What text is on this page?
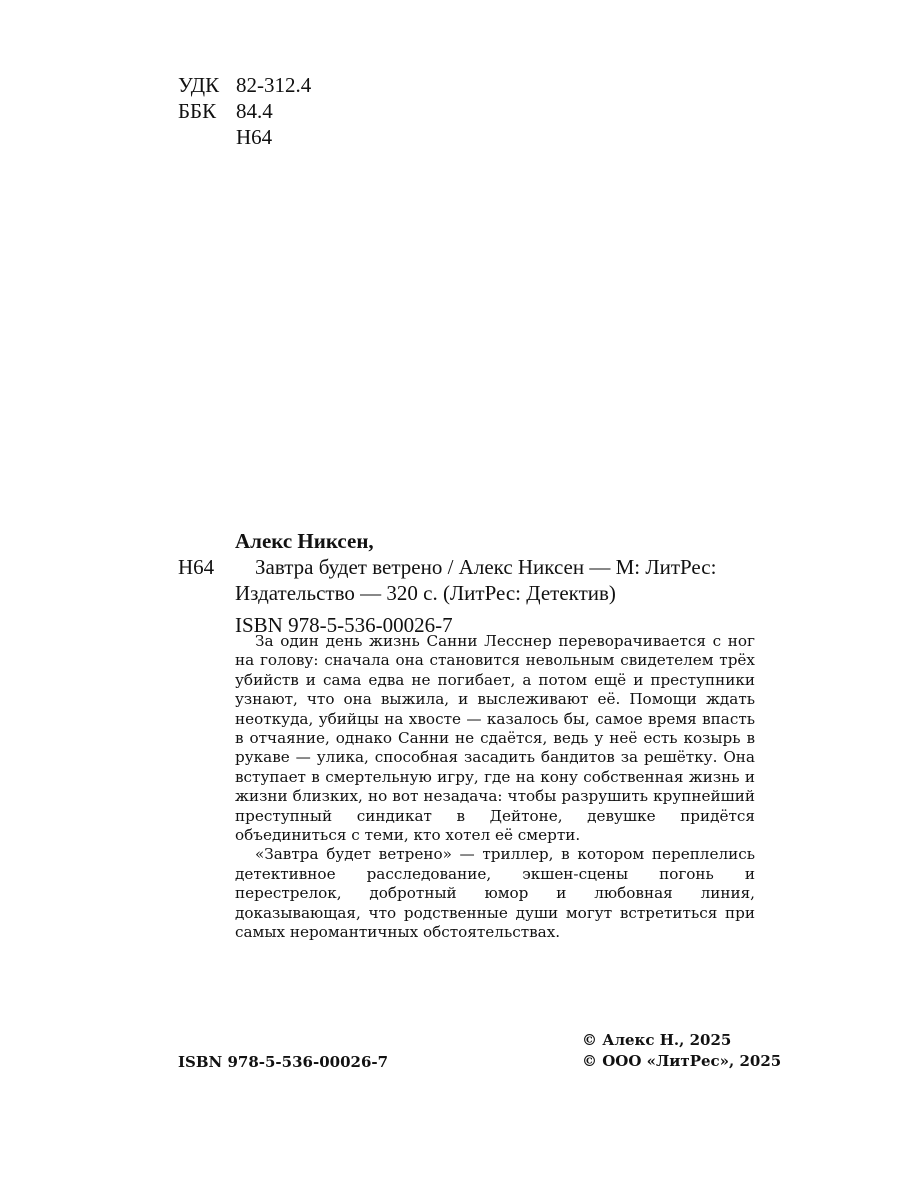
УДК 82-312.4
ББК 84.4
Н64
Алекс Никсен,
Н64	Завтра будет ветрено / Алекс Никсен — М: ЛитРес: Издательство — 320 с. (ЛитРес: Детектив)
ISBN 978-5-536-00026-7

За один день жизнь Санни Лесснер переворачивается с ног на голову: сначала она становится невольным свидетелем трёх убийств и сама едва не погибает, а потом ещё и преступники узнают, что она выжила, и выслеживают её. Помощи ждать неоткуда, убийцы на хвосте — казалось бы, самое время впасть в отчаяние, однако Санни не сдаётся, ведь у неё есть козырь в рукаве — улика, способная засадить бандитов за решётку. Она вступает в смертельную игру, где на кону собственная жизнь и жизни близких, но вот незадача: чтобы разрушить крупнейший преступный синдикат в Дейтоне, девушке придётся объединиться с теми, кто хотел её смерти.

«Завтра будет ветрено» — триллер, в котором переплелись детективное расследование, экшен-сцены погонь и перестрелок, добротный юмор и любовная линия, доказывающая, что родственные души могут встретиться при самых неромантичных обстоятельствах.

ISBN 978-5-536-00026-7
© Алекс Н., 2025
© ООО «ЛитРес», 2025
